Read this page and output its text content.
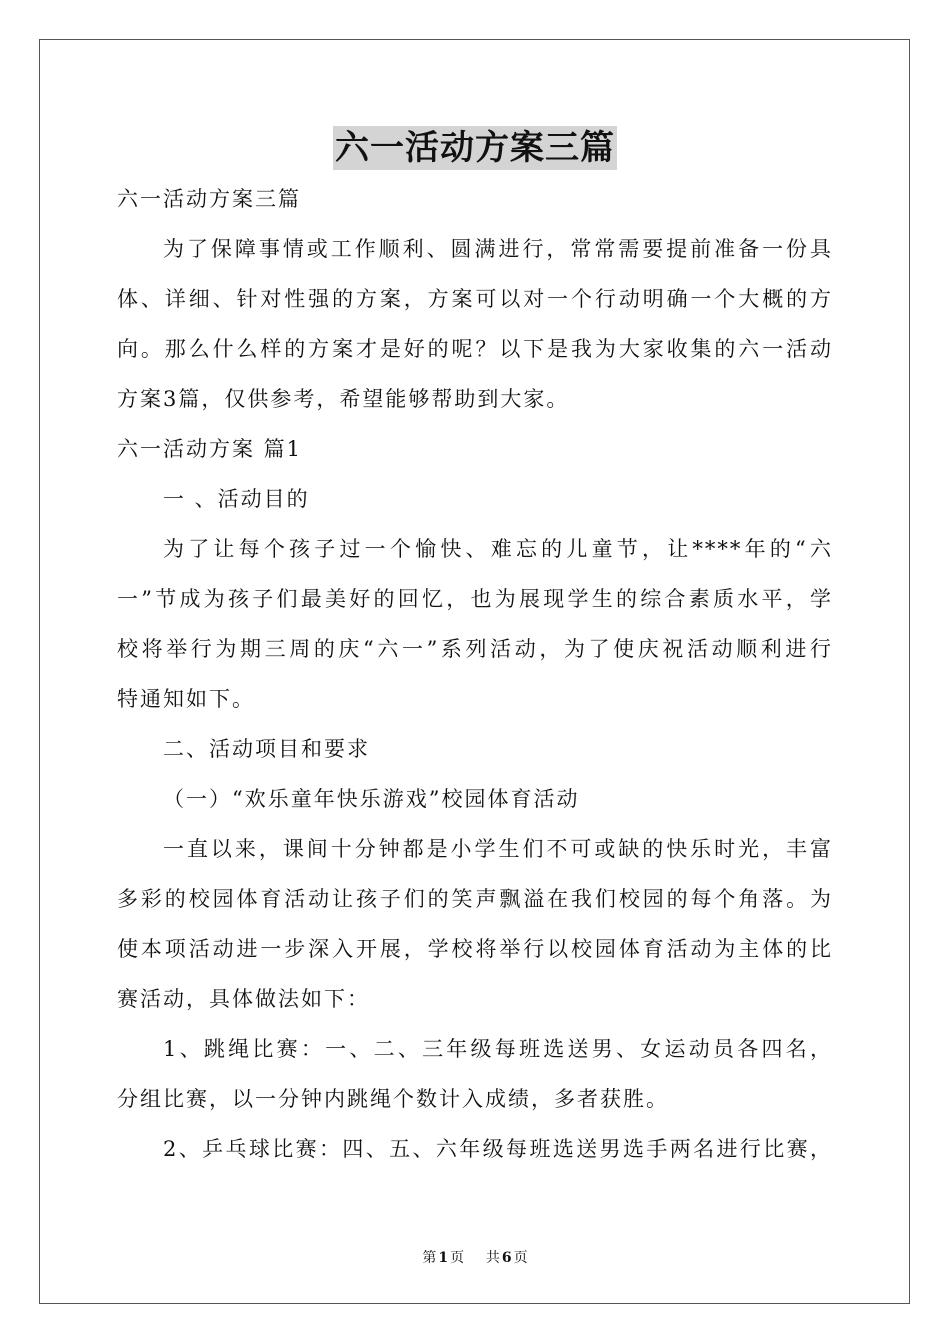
六一活动方案三篇
六一活动方案三篇
为了保障事情或工作顺利、圆满进行，常常需要提前准备一份具
体、详细、针对性强的方案，方案可以对一个行动明确一个大概的方
向。那么什么样的方案才是好的呢？以下是我为大家收集的六一活动
方案3篇，仅供参考，希望能够帮助到大家。
六一活动方案 篇1
一 、活动目的
为了让每个孩子过一个愉快、难忘的儿童节，让****年的“六
一”节成为孩子们最美好的回忆，也为展现学生的综合素质水平，学
校将举行为期三周的庆“六一”系列活动，为了使庆祝活动顺利进行
特通知如下。
二、活动项目和要求
（一）“欢乐童年快乐游戏”校园体育活动
一直以来，课间十分钟都是小学生们不可或缺的快乐时光，丰富
多彩的校园体育活动让孩子们的笑声飘溢在我们校园的每个角落。为
使本项活动进一步深入开展，学校将举行以校园体育活动为主体的比
赛活动，具体做法如下：
1、跳绳比赛：一、二、三年级每班选送男、女运动员各四名，
分组比赛，以一分钟内跳绳个数计入成绩，多者获胜。
2、乒乓球比赛：四、五、六年级每班选送男选手两名进行比赛，
第 1 页 共 6 页
